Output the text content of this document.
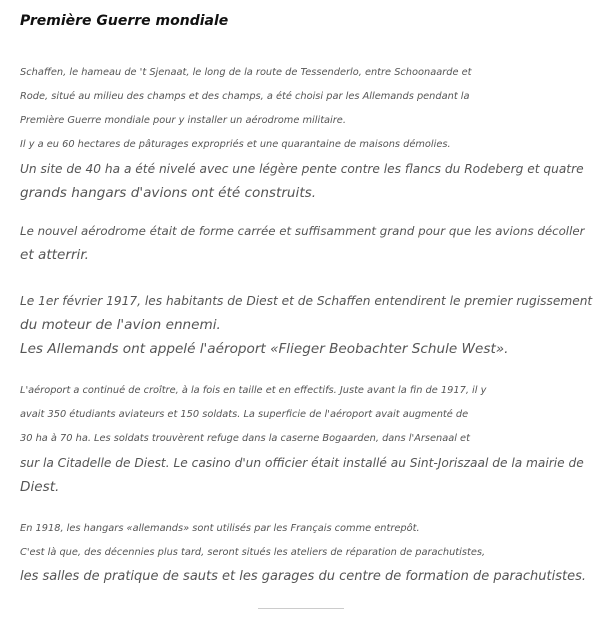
Première Guerre mondiale

Schaffen, le hameau de 't Sjenaat, le long de la route de Tessenderlo, entre Schoonaarde et
Rode, situé au milieu des champs et des champs, a été choisi par les Allemands pendant la
Première Guerre mondiale pour y installer un aérodrome militaire.
Il y a eu 60 hectares de pâturages expropriés et une quarantaine de maisons démolies.
Un site de 40 ha a été nivelé avec une légère pente contre les flancs du Rodeberg et quatre
grands hangars d'avions ont été construits.

Le nouvel aérodrome était de forme carrée et suffisamment grand pour que les avions décoller
et atterrir.

Le 1er février 1917, les habitants de Diest et de Schaffen entendirent le premier rugissement
du moteur de l'avion ennemi.
Les Allemands ont appelé l'aéroport «Flieger Beobachter Schule West».

L'aéroport a continué de croître, à la fois en taille et en effectifs. Juste avant la fin de 1917, il y
avait 350 étudiants aviateurs et 150 soldats. La superficie de l'aéroport avait augmenté de
30 ha à 70 ha. Les soldats trouvèrent refuge dans la caserne Bogaarden, dans l'Arsenaal et
sur la Citadelle de Diest. Le casino d'un officier était installé au Sint-Joriszaal de la mairie de
Diest.

En 1918, les hangars «allemands» sont utilisés par les Français comme entrepôt.
C'est là que, des décennies plus tard, seront situés les ateliers de réparation de parachutistes,
les salles de pratique de sauts et les garages du centre de formation de parachutistes.
